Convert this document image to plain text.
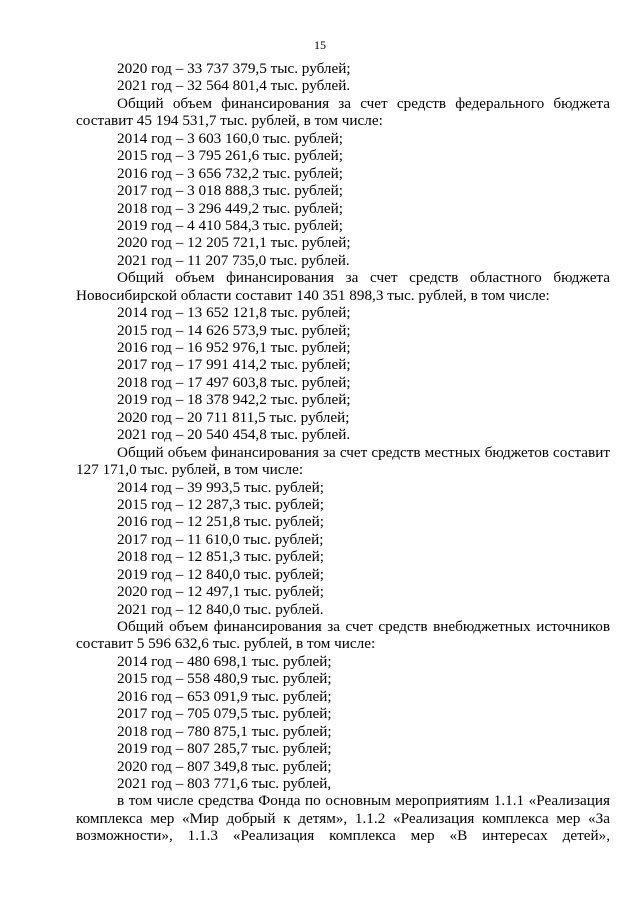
15
2020 год – 33 737 379,5 тыс. рублей;
2021 год – 32 564 801,4 тыс. рублей.
Общий объем финансирования за счет средств федерального бюджета
составит 45 194 531,7 тыс. рублей, в том числе:
2014 год – 3 603 160,0 тыс. рублей;
2015 год – 3 795 261,6 тыс. рублей;
2016 год – 3 656 732,2 тыс. рублей;
2017 год – 3 018 888,3 тыс. рублей;
2018 год – 3 296 449,2 тыс. рублей;
2019 год – 4 410 584,3 тыс. рублей;
2020 год – 12 205 721,1 тыс. рублей;
2021 год – 11 207 735,0 тыс. рублей.
Общий объем финансирования за счет средств областного бюджета
Новосибирской области составит 140 351 898,3 тыс. рублей, в том числе:
2014 год – 13 652 121,8 тыс. рублей;
2015 год – 14 626 573,9 тыс. рублей;
2016 год – 16 952 976,1 тыс. рублей;
2017 год – 17 991 414,2 тыс. рублей;
2018 год – 17 497 603,8 тыс. рублей;
2019 год – 18 378 942,2 тыс. рублей;
2020 год – 20 711 811,5 тыс. рублей;
2021 год – 20 540 454,8 тыс. рублей.
Общий объем финансирования за счет средств местных бюджетов составит
127 171,0 тыс. рублей, в том числе:
2014 год – 39 993,5 тыс. рублей;
2015 год – 12 287,3 тыс. рублей;
2016 год – 12 251,8 тыс. рублей;
2017 год – 11 610,0 тыс. рублей;
2018 год – 12 851,3 тыс. рублей;
2019 год – 12 840,0 тыс. рублей;
2020 год – 12 497,1 тыс. рублей;
2021 год – 12 840,0 тыс. рублей.
Общий объем финансирования за счет средств внебюджетных источников
составит 5 596 632,6 тыс. рублей, в том числе:
2014 год – 480 698,1 тыс. рублей;
2015 год – 558 480,9 тыс. рублей;
2016 год – 653 091,9 тыс. рублей;
2017 год – 705 079,5 тыс. рублей;
2018 год – 780 875,1 тыс. рублей;
2019 год – 807 285,7 тыс. рублей;
2020 год – 807 349,8 тыс. рублей;
2021 год – 803 771,6 тыс. рублей,
в том числе средства Фонда по основным мероприятиям 1.1.1 «Реализация
комплекса мер «Мир добрый к детям», 1.1.2 «Реализация комплекса мер «За
возможности», 1.1.3 «Реализация комплекса мер «В интересах детей»,
